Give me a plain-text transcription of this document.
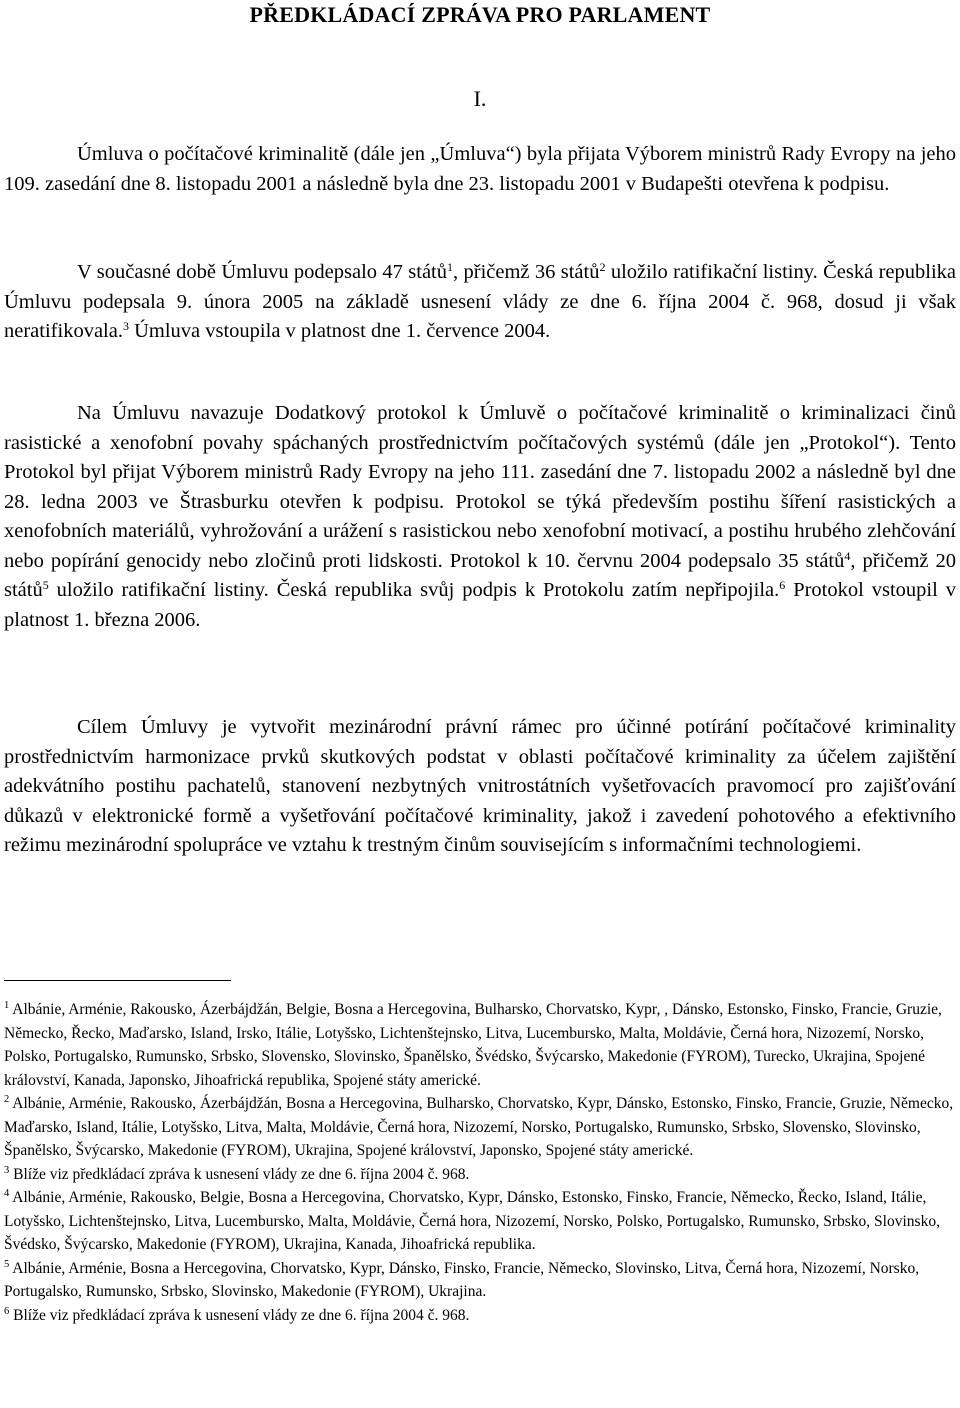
PŘEDKLÁDACÍ ZPRÁVA PRO PARLAMENT
I.

Úmluva o počítačové kriminalitě (dále jen „Úmluva“) byla přijata Výborem ministrů Rady Evropy na jeho 109. zasedání dne 8. listopadu 2001 a následně byla dne 23. listopadu 2001 v Budapešti otevřena k podpisu.

V současné době Úmluvu podepsalo 47 států$^1$, přičemž 36 států$^2$ uložilo ratifikační listiny. Česká republika Úmluvu podepsala 9. února 2005 na základě usnesení vlády ze dne 6. října 2004 č. 968, dosud ji však neratifikovala.$^3$ Úmluva vstoupila v platnost dne 1. července 2004.

Na Úmluvu navazuje Dodatkový protokol k Úmluvě o počítačové kriminalitě o kriminalizaci činů rasistické a xenofobní povahy spáchaných prostřednictvím počítačových systémů (dále jen „Protokol“). Tento Protokol byl přijat Výborem ministrů Rady Evropy na jeho 111. zasedání dne 7. listopadu 2002 a následně byl dne 28. ledna 2003 ve Štrasburku otevřen k podpisu. Protokol se týká především postihu šíření rasistických a xenofobních materiálů, vyhrožování a urážení s rasistickou nebo xenofobní motivací, a postihu hrubého zlehčování nebo popírání genocidy nebo zločinů proti lidskosti. Protokol k 10. červnu 2004 podepsalo 35 států$^4$, přičemž 20 států$^5$ uložilo ratifikační listiny. Česká republika svůj podpis k Protokolu zatím nepřipojila.$^6$ Protokol vstoupil v platnost 1. března 2006.

Cílem Úmluvy je vytvořit mezinárodní právní rámec pro účinné potírání počítačové kriminality prostřednictvím harmonizace prvků skutkových podstat v oblasti počítačové kriminality za účelem zajištění adekvátního postihu pachatelů, stanovení nezbytných vnitrostátních vyšetřovacích pravomocí pro zajišťování důkazů v elektronické formě a vyšetřování počítačové kriminality, jakož i zavedení pohotového a efektivního režimu mezinárodní spolupráce ve vztahu k trestným činům souvisejícím s informačními technologiemi.

$^1$ Albánie, Arménie, Rakousko, Ázerbájdžán, Belgie, Bosna a Hercegovina, Bulharsko, Chorvatsko, Kypr, , Dánsko, Estonsko, Finsko, Francie, Gruzie, Německo, Řecko, Maďarsko, Island, Irsko, Itálie, Lotyšsko, Lichtenštejnsko, Litva, Lucembursko, Malta, Moldávie, Černá hora, Nizozemí, Norsko, Polsko, Portugalsko, Rumunsko, Srbsko, Slovensko, Slovinsko, Španělsko, Švédsko, Švýcarsko, Makedonie (FYROM), Turecko, Ukrajina, Spojené království, Kanada, Japonsko, Jihoafrická republika, Spojené státy americké.

$^2$ Albánie, Arménie, Rakousko, Ázerbájdžán, Bosna a Hercegovina, Bulharsko, Chorvatsko, Kypr, Dánsko, Estonsko, Finsko, Francie, Gruzie, Německo, Maďarsko, Island, Itálie, Lotyšsko, Litva, Malta, Moldávie, Černá hora, Nizozemí, Norsko, Portugalsko, Rumunsko, Srbsko, Slovensko, Slovinsko, Španělsko, Švýcarsko, Makedonie (FYROM), Ukrajina, Spojené království, Japonsko, Spojené státy americké.

$^3$ Blíže viz předkládací zpráva k usnesení vlády ze dne 6. října 2004 č. 968.

$^4$ Albánie, Arménie, Rakousko, Belgie, Bosna a Hercegovina, Chorvatsko, Kypr, Dánsko, Estonsko, Finsko, Francie, Německo, Řecko, Island, Itálie, Lotyšsko, Lichtenštejnsko, Litva, Lucembursko, Malta, Moldávie, Černá hora, Nizozemí, Norsko, Polsko, Portugalsko, Rumunsko, Srbsko, Slovinsko, Švédsko, Švýcarsko, Makedonie (FYROM), Ukrajina, Kanada, Jihoafrická republika.

$^5$ Albánie, Arménie, Bosna a Hercegovina, Chorvatsko, Kypr, Dánsko, Finsko, Francie, Německo, Slovinsko, Litva, Černá hora, Nizozemí, Norsko, Portugalsko, Rumunsko, Srbsko, Slovinsko, Makedonie (FYROM), Ukrajina.

$^6$ Blíže viz předkládací zpráva k usnesení vlády ze dne 6. října 2004 č. 968.
